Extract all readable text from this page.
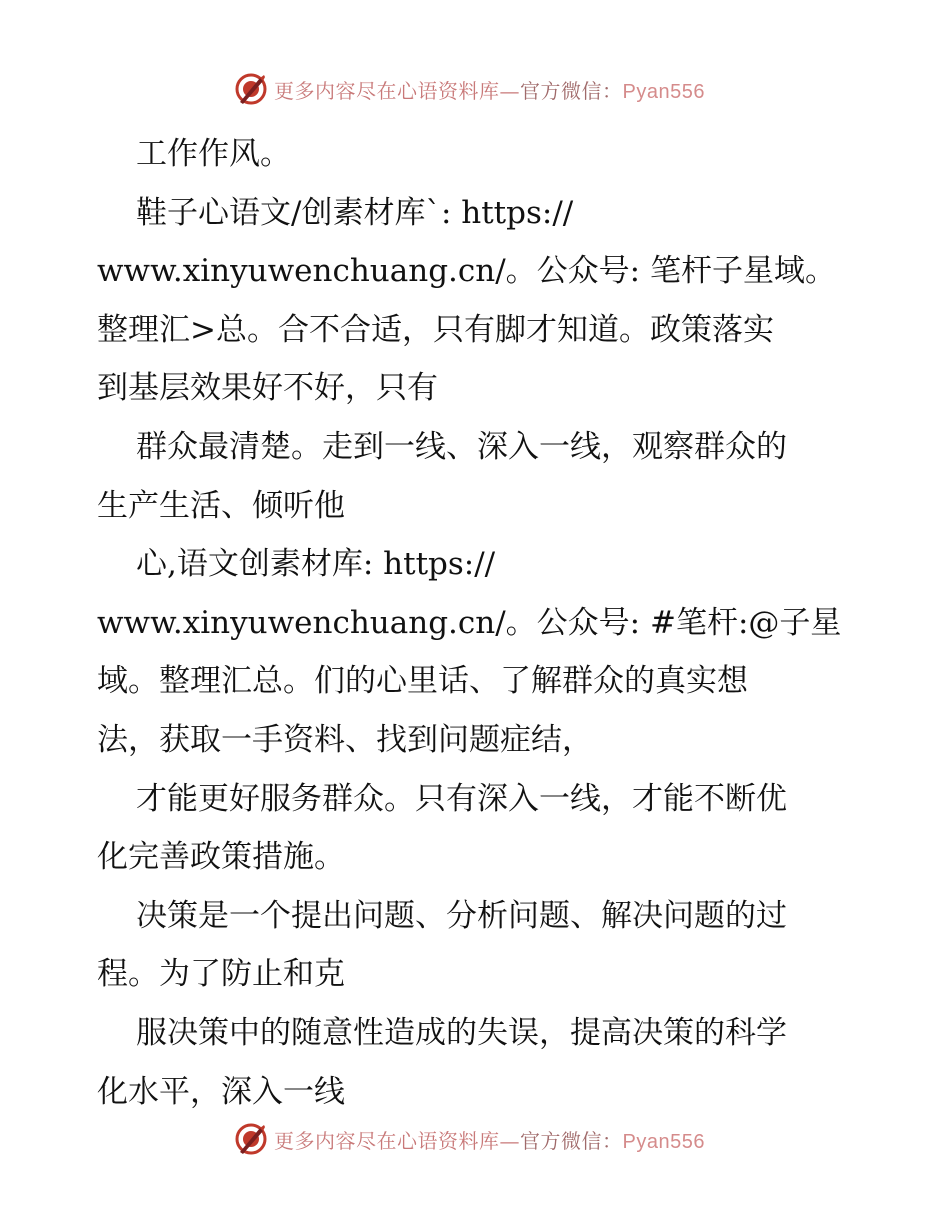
更多内容尽在心语资料库—官方微信：Pyan556

工作作风。

鞋子心语文/创素材库`: https://

www.xinyuwenchuang.cn/。公众号: 笔杆子星域。

整理汇>总。合不合适，只有脚才知道。政策落实

到基层效果好不好，只有

群众最清楚。走到一线、深入一线，观察群众的

生产生活、倾听他

心,语文创素材库: https://

www.xinyuwenchuang.cn/。公众号: #笔杆:@子星

域。整理汇总。们的心里话、了解群众的真实想

法，获取一手资料、找到问题症结，

才能更好服务群众。只有深入一线，才能不断优

化完善政策措施。

决策是一个提出问题、分析问题、解决问题的过

程。为了防止和克

服决策中的随意性造成的失误，提高决策的科学

化水平，深入一线

更多内容尽在心语资料库—官方微信：Pyan556
